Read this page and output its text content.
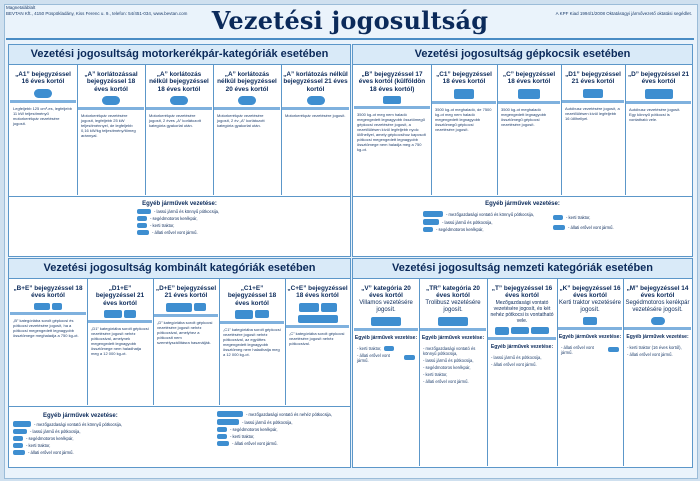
Magnetaláblalt
BEVTAN Kft., 4150 Püspökladány, Kiss Ferenc u. 9., telefon: 54/451-034, www.bevtan.com	A KPF Kiad 1994/1/2008 Oktatásügyi jármővezető oktatási segédlet.
Vezetési jogosultság
Vezetési jogosultság motorkerékpár-kategóriák esetében
„A1” bejegyzéssel 16 éves kortól
Legfeljebb 125 cm³-es, legfeljebb 11 kW teljesítményű motorkerékpár vezetésére jogosít.
„A” korlátozással bejegyzéssel 18 éves kortól
Motorkerékpár vezetésére jogosít, legfeljebb 25 kW teljesítménnyel, de legfeljebb 0,16 kW/kg teljesítmény/tömeg aránnyal.
„A” korlátozás nélkül bejegyzéssel 18 éves kortól
Motorkerékpár vezetésére jogosít, 2 éves „A” korlátozott kategória gyakorlat után.
„A” korlátozás nélkül bejegyzéssel 20 éves kortól
Motorkerékpár vezetésére jogosít, 2 év „A” korlátozott kategória gyakorlat után.
„A” korlátozás nélkül bejegyzéssel 21 éves kortól
Motorkerékpár vezetésére jogosít.
Egyéb járművek vezetése:
- lassú jármű és könnyű pótkocsija,
- segédmotoros kerékpár,
- kerti traktor,
- állati erővel vont jármű.
Vezetési jogosultság gépkocsik esetében
„B” bejegyzéssel 17 éves kortól (külföldön 18 éves kortól)
3500 kg-ot meg nem haladó megengedett legnagyobb össztömegű gépkocsi vezetésére jogosít, a vezetőülésen kívül legfeljebb nyolc ülőhellyel, amely gépkocsihoz kapcsolt pótkocsi megengedett legnagyobb össztömege nem haladja meg a 750 kg-ot.
„C1” bejegyzéssel 18 éves kortól
3500 kg-ot meghaladó, de 7500 kg-ot meg nem haladó megengedett legnagyobb össztömegű gépkocsi vezetésére jogosít.
„C” bejegyzéssel 18 éves kortól
3500 kg-ot meghaladó megengedett legnagyobb össztömegű gépkocsi vezetésére jogosít.
„D1” bejegyzéssel 21 éves kortól
Autóbusz vezetésére jogosít, a vezetőülésen kívül legfeljebb 16 ülőhellyel.
„D” bejegyzéssel 21 éves kortól
Autóbusz vezetésére jogosít. Egy könnyű pótkocsi is vontatható vele.
Egyéb járművek vezetése:
- mezőgazdasági vontató és könnyű pótkocsija,
- lassú jármű és pótkocsija,
- segédmotoros kerékpár,
- kerti traktor,
- állati erővel vont jármű.
Vezetési jogosultság kombinált kategóriák esetében
„B+E” bejegyzéssel 18 éves kortól
„B” kategóriába sorolt gépkocsi és pótkocsi vezetésére jogosít, ha a pótkocsi megengedett legnagyobb össztömege meghaladja a 750 kg-ot.
„D1+E” bejegyzéssel 21 éves kortól
„D1” kategóriába sorolt gépkocsi vezetésére jogosít nehéz pótkocsival, amelynek megengedett legnagyobb össztömege nem haladhatja meg a 12 000 kg-ot.
„D+E” bejegyzéssel 21 éves kortól
„D” kategóriába sorolt gépkocsi vezetésére jogosít nehéz pótkocsival, amelyhez a pótkocsit nem személyszállításra használják.
„C1+E” bejegyzéssel 18 éves kortól
„C1” kategóriába sorolt gépkocsi vezetésére jogosít nehéz pótkocsival, az együttes megengedett legnagyobb össztömeg nem haladhatja meg a 12 000 kg-ot.
„C+E” bejegyzéssel 18 éves kortól
„C” kategóriába sorolt gépkocsi vezetésére jogosít nehéz pótkocsival.
Egyéb járművek vezetése:
- mezőgazdasági vontató és könnyű pótkocsija,
- lassú jármű és pótkocsija,
- segédmotoros kerékpár,
- kerti traktor,
- állati erővel vont jármű.
- mezőgazdasági vontató és nehéz pótkocsija,
- lassú jármű és pótkocsija,
- segédmotoros kerékpár,
- kerti traktor,
- állati erővel vont jármű.
Vezetési jogosultság nemzeti kategóriák esetében
„V” kategória 20 éves kortól
Villamos vezetésére jogosít.
Egyéb járművek vezetése:
- kerti traktor,
- állati erővel vont jármű.
„TR” kategória 20 éves kortól
Trolibusz vezetésére jogosít.
Egyéb járművek vezetése:
- mezőgazdasági vontató és könnyű pótkocsija,
- lassú jármű és pótkocsija,
- segédmotoros kerékpár,
- kerti traktor,
- állati erővel vont jármű.
„T” bejegyzéssel 16 éves kortól
Mezőgazdasági vontató vezetésére jogosít, és két nehéz pótkocsi is vontatható vele.
Egyéb járművek vezetése:
- lassú jármű és pótkocsija,
- állati erővel vont jármű.
„K” bejegyzéssel 16 éves kortól
Kerti traktor vezetésére jogosít.
Egyéb járművek vezetése:
- állati erővel vont jármű.
„M” bejegyzéssel 14 éves kortól
Segédmotoros kerékpár vezetésére jogosít.
Egyéb járművek vezetése:
- kerti traktor (16 éves kortól),
- állati erővel vont jármű.
